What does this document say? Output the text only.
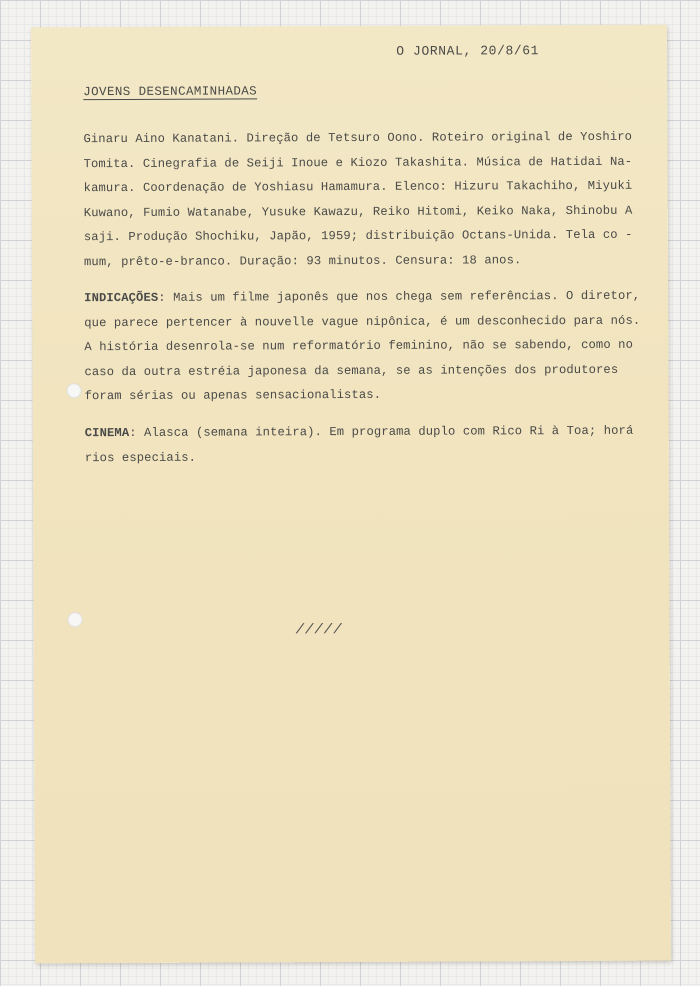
O JORNAL, 20/8/61
JOVENS DESENCAMINHADAS
Ginaru Aino Kanatani. Direção de Tetsuro Oono. Roteiro original de Yoshiro
Tomita. Cinegrafia de Seiji Inoue e Kiozo Takashita. Música de Hatidai Na-
kamura. Coordenação de Yoshiasu Hamamura. Elenco: Hizuru Takachiho, Miyuki
Kuwano, Fumio Watanabe, Yusuke Kawazu, Reiko Hitomi, Keiko Naka, Shinobu A
saji. Produção Shochiku, Japão, 1959; distribuição Octans-Unida. Tela co -
mum, prêto-e-branco. Duração: 93 minutos. Censura: 18 anos.
INDICAÇÕES: Mais um filme japonês que nos chega sem referências. O diretor,
que parece pertencer à nouvelle vague nipônica, é um desconhecido para nós.
A história desenrola-se num reformatório feminino, não se sabendo, como no
caso da outra estréia japonesa da semana, se as intenções dos produtores
foram sérias ou apenas sensacionalistas.
CINEMA: Alasca (semana inteira). Em programa duplo com Rico Ri à Toa; horá
rios especiais.
/////
